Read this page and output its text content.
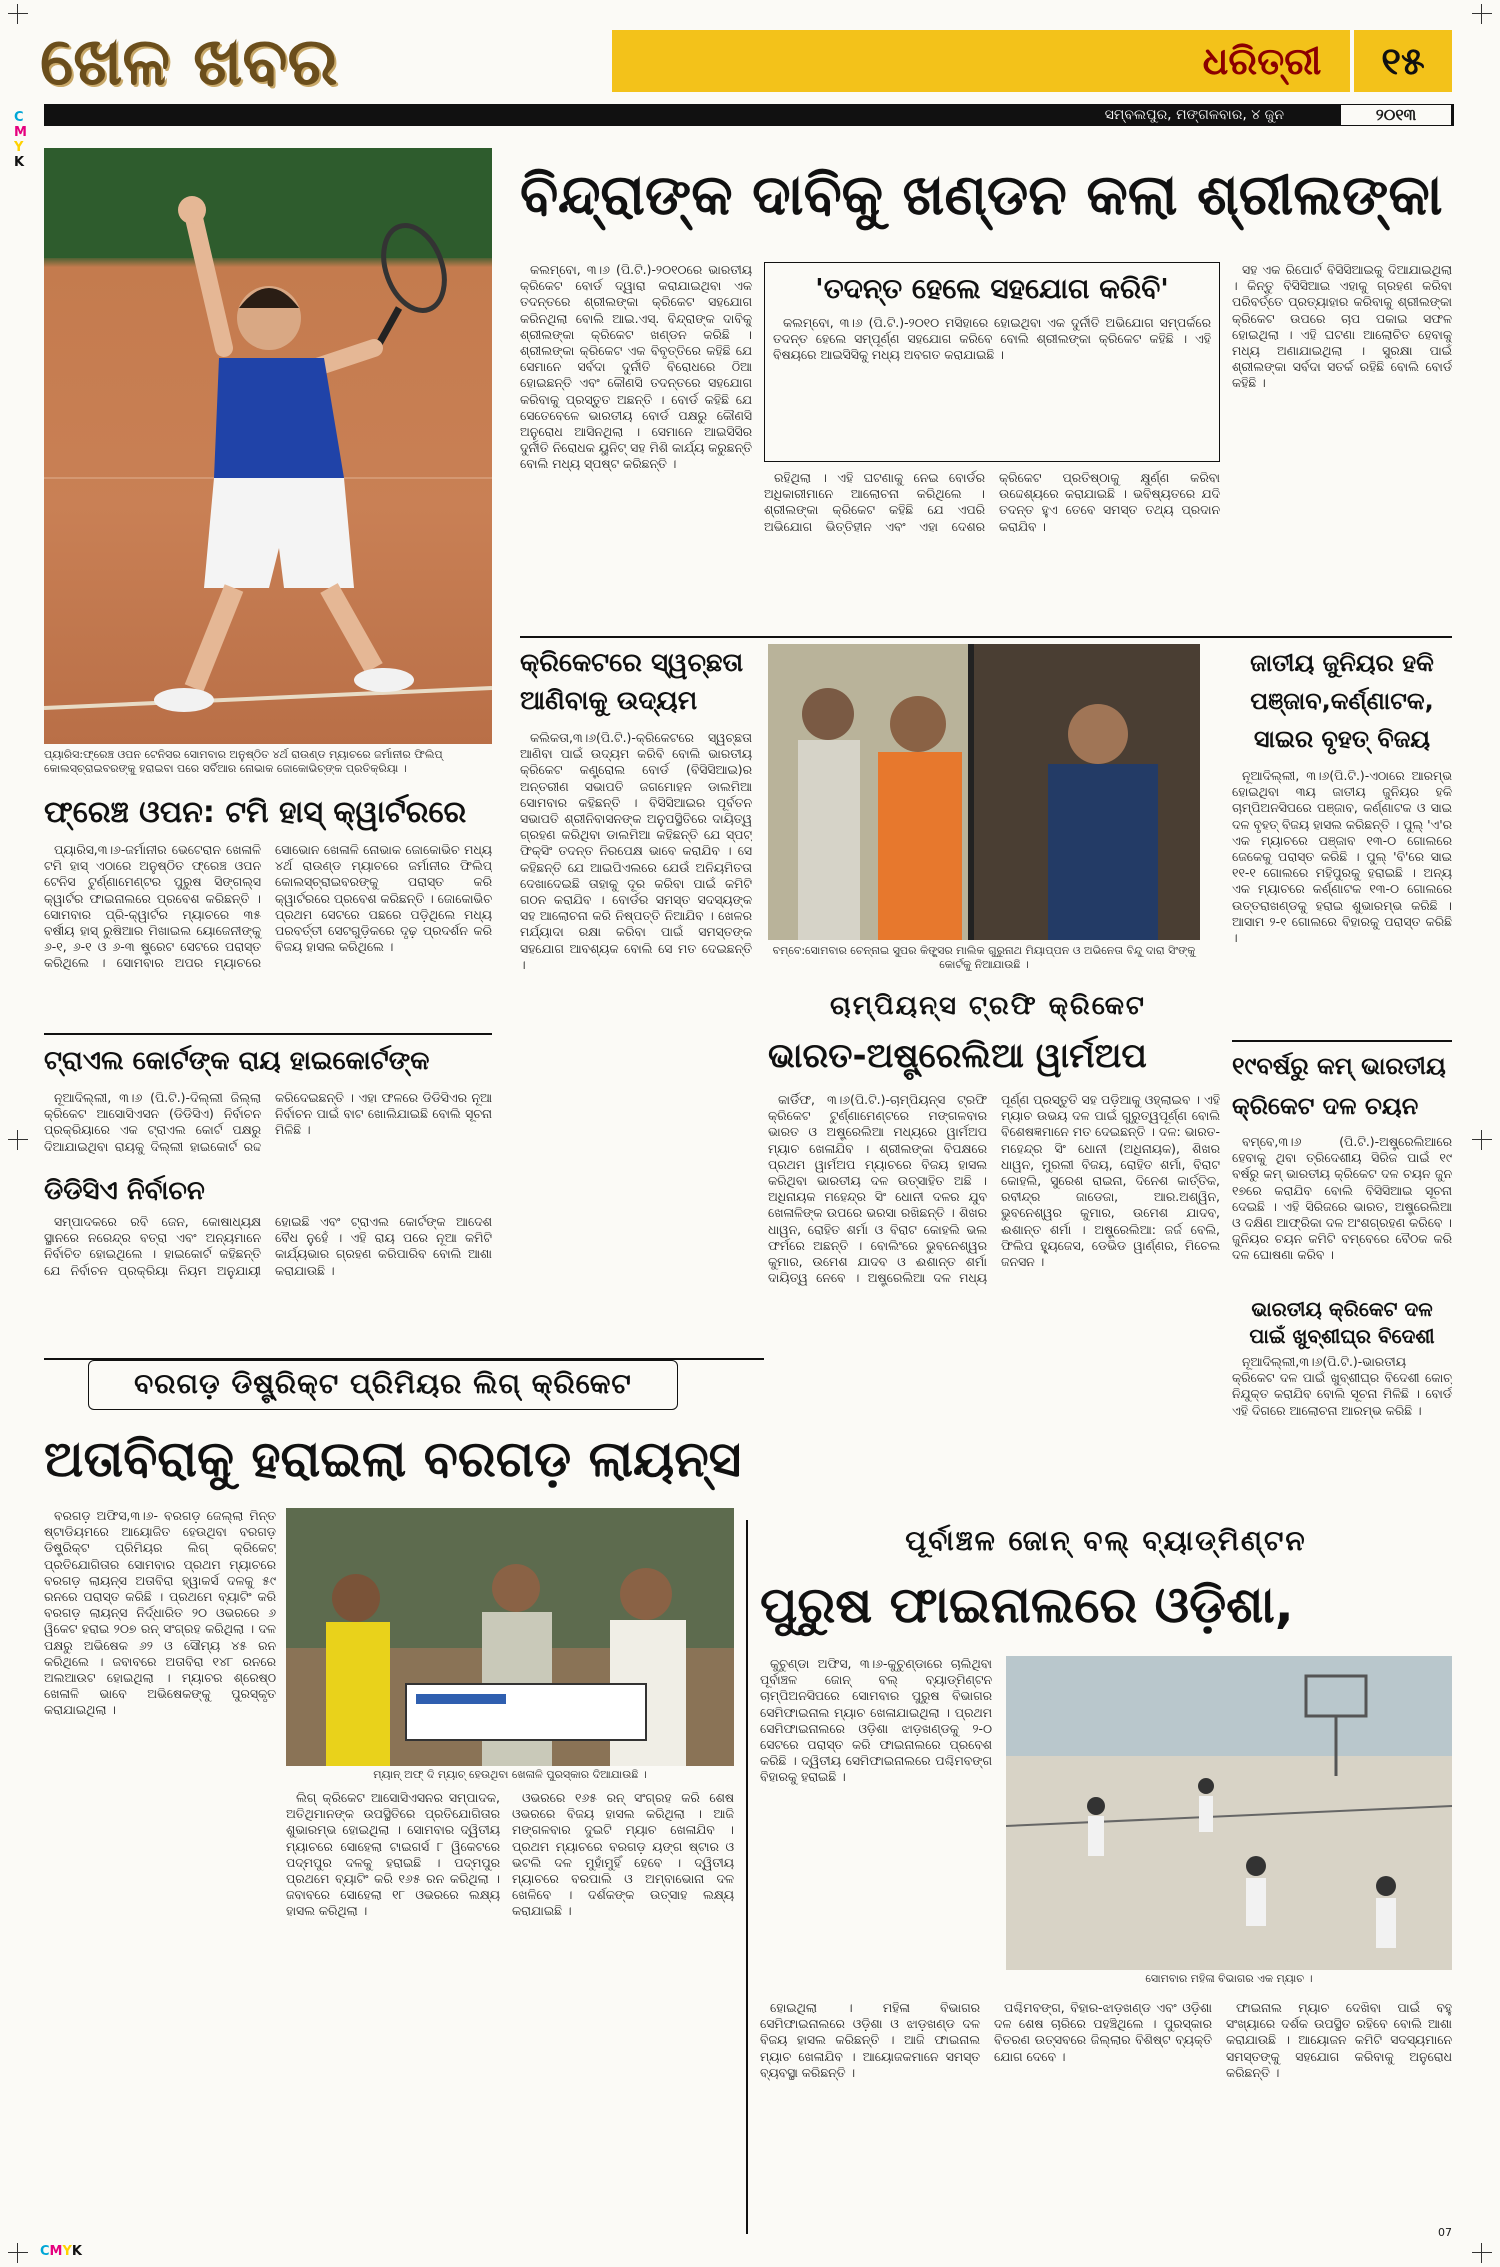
C
M
Y
K
ଖେଳ ଖବର	ଧରିତ୍ରୀ	୧୫
ସମ୍ବଲପୁର, ମଙ୍ଗଳବାର, ୪ ଜୁନ	୨୦୧୩
ପ୍ୟାରିସ:ଫ୍ରେଞ୍ଚ ଓପନ ଟେନିସର ସୋମବାର ଅନୁଷ୍ଠିତ ୪ର୍ଥ ରାଉଣ୍ଡ ମ୍ୟାଚରେ ଜର୍ମାନୀର ଫିଲିପ୍ କୋଲସ୍ଚ୍ରାଇବରଙ୍କୁ ହରାଇବା ପରେ ସର୍ବିଆର ନୋଭାକ ଜୋକୋଭିଚ୍‌ଙ୍କ ପ୍ରତିକ୍ରିୟା ।
ଫ୍ରେଞ୍ଚ ଓପନ: ଟମି ହାସ୍ କ୍ୱାର୍ଟରରେ

ପ୍ୟାରିସ,୩।୬-ଜର୍ମାନୀର ଭେଟେରାନ ଖେଳାଳି ଟମି ହାସ୍ ଏଠାରେ ଅନୁଷ୍ଠିତ ଫ୍ରେଞ୍ଚ ଓପନ ଟେନିସ ଟୁର୍ଣ୍ଣାମେଣ୍ଟର ପୁରୁଷ ସିଙ୍ଗଲ୍ସ କ୍ୱାର୍ଟର ଫାଇନାଲରେ ପ୍ରବେଶ କରିଛନ୍ତି । ସୋମବାର ପ୍ରି-କ୍ୱାର୍ଟର ମ୍ୟାଚରେ ୩୫ ବର୍ଷୀୟ ହାସ୍ ରୁଷିଆର ମିଖାଇଲ ୟୋଜେନୀଙ୍କୁ ୬-୧, ୬-୧ ଓ ୬-୩ ଷ୍ଟ୍ରେଟ ସେଟରେ ପରାସ୍ତ କରିଥିଲେ । ସୋମବାର ଅପର ମ୍ୟାଚରେ ସୋଭୋନ ଖେଳାଳି ନୋଭାକ ଜୋକୋଭିଚ ମଧ୍ୟ ୪ର୍ଥ ରାଉଣ୍ଡ ମ୍ୟାଚରେ ଜର୍ମାନୀର ଫିଲିପ୍ କୋଲସ୍ଚ୍ରାଇବରଙ୍କୁ ପରାସ୍ତ କରି କ୍ୱାର୍ଟରରେ ପ୍ରବେଶ କରିଛନ୍ତି । ଜୋକୋଭିଚ ପ୍ରଥମ ସେଟରେ ପଛରେ ପଡ଼ିଥିଲେ ମଧ୍ୟ ପରବର୍ତ୍ତୀ ସେଟଗୁଡ଼ିକରେ ଦୃଢ଼ ପ୍ରଦର୍ଶନ କରି ବିଜୟ ହାସଲ କରିଥିଲେ ।

ଟ୍ରାଏଲ କୋର୍ଟଙ୍କ ରାୟ ହାଇକୋର୍ଟଙ୍କ

ନୂଆଦିଲ୍ଲୀ, ୩।୬ (ପି.ଟି.)-ଦିଲ୍ଲୀ ଜିଲ୍ଲା କ୍ରିକେଟ ଆସୋସିଏସନ (ଡିଡିସିଏ) ନିର୍ବାଚନ ପ୍ରକ୍ରିୟାରେ ଏକ ଟ୍ରାଏଲ କୋର୍ଟ ପକ୍ଷରୁ ଦିଆଯାଇଥିବା ରାୟକୁ ଦିଲ୍ଲୀ ହାଇକୋର୍ଟ ରଦ୍ଦ କରିଦେଇଛନ୍ତି । ଏହା ଫଳରେ ଡିଡିସିଏର ନୂଆ ନିର୍ବାଚନ ପାଇଁ ବାଟ ଖୋଲିଯାଇଛି ବୋଲି ସୂଚନା ମିଳିଛି ।

ଡିଡିସିଏ ନିର୍ବାଚନ

ସମ୍ପାଦକରେ ରବି ଜେନ, କୋଷାଧ୍ୟକ୍ଷ ସ୍ଥାନରେ ନରେନ୍ଦ୍ର ବତ୍ରା ଏବଂ ଅନ୍ୟମାନେ ନିର୍ବାଚିତ ହୋଇଥିଲେ । ହାଇକୋର୍ଟ କହିଛନ୍ତି ଯେ ନିର୍ବାଚନ ପ୍ରକ୍ରିୟା ନିୟମ ଅନୁଯାୟୀ ହୋଇଛି ଏବଂ ଟ୍ରାଏଲ କୋର୍ଟଙ୍କ ଆଦେଶ ବୈଧ ନୁହେଁ । ଏହି ରାୟ ପରେ ନୂଆ କମିଟି କାର୍ଯ୍ୟଭାର ଗ୍ରହଣ କରିପାରିବ ବୋଲି ଆଶା କରାଯାଉଛି ।

ବିନ୍ଦ୍ରାଙ୍କ ଦାବିକୁ ଖଣ୍ଡନ କଲା ଶ୍ରୀଲଙ୍କା

କଲମ୍ବୋ, ୩।୬ (ପି.ଟି.)-୨୦୧୦ରେ ଭାରତୀୟ କ୍ରିକେଟ ବୋର୍ଡ ଦ୍ୱାରା କରାଯାଇଥିବା ଏକ ତଦନ୍ତରେ ଶ୍ରୀଲଙ୍କା କ୍ରିକେଟ ସହଯୋଗ କରିନଥିଲା ବୋଲି ଆଇ.ଏସ୍. ବିନ୍ଦ୍ରାଙ୍କ ଦାବିକୁ ଶ୍ରୀଲଙ୍କା କ୍ରିକେଟ ଖଣ୍ଡନ କରିଛି । ଶ୍ରୀଲଙ୍କା କ୍ରିକେଟ ଏକ ବିବୃତ୍ତିରେ କହିଛି ଯେ ସେମାନେ ସର୍ବଦା ଦୁର୍ନୀତି ବିରୋଧରେ ଠିଆ ହୋଇଛନ୍ତି ଏବଂ କୌଣସି ତଦନ୍ତରେ ସହଯୋଗ କରିବାକୁ ପ୍ରସ୍ତୁତ ଅଛନ୍ତି । ବୋର୍ଡ କହିଛି ଯେ ସେତେବେଳେ ଭାରତୀୟ ବୋର୍ଡ ପକ୍ଷରୁ କୌଣସି ଅନୁରୋଧ ଆସିନଥିଲା । ସେମାନେ ଆଇସିସିର ଦୁର୍ନୀତି ନିରୋଧକ ୟୁନିଟ୍ ସହ ମିଶି କାର୍ଯ୍ୟ କରୁଛନ୍ତି ବୋଲି ମଧ୍ୟ ସ୍ପଷ୍ଟ କରିଛନ୍ତି ।

'ତଦନ୍ତ ହେଲେ ସହଯୋଗ କରିବି'

କଲମ୍ବୋ, ୩।୬ (ପି.ଟି.)-୨୦୧୦ ମସିହାରେ ହୋଇଥିବା ଏକ ଦୁର୍ନୀତି ଅଭିଯୋଗ ସମ୍ପର୍କରେ ତଦନ୍ତ ହେଲେ ସମ୍ପୂର୍ଣ୍ଣ ସହଯୋଗ କରିବେ ବୋଲି ଶ୍ରୀଲଙ୍କା କ୍ରିକେଟ କହିଛି । ଏହି ବିଷୟରେ ଆଇସିସିକୁ ମଧ୍ୟ ଅବଗତ କରାଯାଇଛି ।

ରହିଥିଲା । ଏହି ଘଟଣାକୁ ନେଇ ବୋର୍ଡର ଅଧିକାରୀମାନେ ଆଲୋଚନା କରିଥିଲେ । ଶ୍ରୀଲଙ୍କା କ୍ରିକେଟ କହିଛି ଯେ ଏପରି ଅଭିଯୋଗ ଭିତ୍ତିହୀନ ଏବଂ ଏହା ଦେଶର କ୍ରିକେଟ ପ୍ରତିଷ୍ଠାକୁ କ୍ଷୁର୍ଣ୍ଣ କରିବା ଉଦ୍ଦେଶ୍ୟରେ କରାଯାଇଛି । ଭବିଷ୍ୟତରେ ଯଦି ତଦନ୍ତ ହୁଏ ତେବେ ସମସ୍ତ ତଥ୍ୟ ପ୍ରଦାନ କରାଯିବ ।

ସହ ଏକ ରିପୋର୍ଟ ବିସିସିଆଇକୁ ଦିଆଯାଇଥିଲା । କିନ୍ତୁ ବିସିସିଆଇ ଏହାକୁ ଗ୍ରହଣ କରିବା ପରିବର୍ତ୍ତେ ପ୍ରତ୍ୟାହାର କରିବାକୁ ଶ୍ରୀଲଙ୍କା କ୍ରିକେଟ ଉପରେ ଚାପ ପକାଇ ସଫଳ ହୋଇଥିଲା । ଏହି ଘଟଣା ଆଲୋଚିତ ହେବାକୁ ମଧ୍ୟ ଅଣାଯାଇଥିଲା । ସୁରକ୍ଷା ପାଇଁ ଶ୍ରୀଲଙ୍କା ସର୍ବଦା ସତର୍କ ରହିଛି ବୋଲି ବୋର୍ଡ କହିଛି ।

କ୍ରିକେଟରେ ସ୍ୱଚ୍ଛତା ଆଣିବାକୁ ଉଦ୍ୟମ

କଲିକତା,୩।୬(ପି.ଟି.)-କ୍ରିକେଟରେ ସ୍ୱଚ୍ଛତା ଆଣିବା ପାଇଁ ଉଦ୍ୟମ କରିବି ବୋଲି ଭାରତୀୟ କ୍ରିକେଟ କଣ୍ଟ୍ରୋଲ ବୋର୍ଡ (ବିସିସିଆଇ)ର ଅନ୍ତରୀଣ ସଭାପତି ଜଗମୋହନ ଡାଲମିଆ ସୋମବାର କହିଛନ୍ତି । ବିସିସିଆଇର ପୂର୍ବତନ ସଭାପତି ଶ୍ରୀନିବାସନଙ୍କ ଅନୁପସ୍ଥିତିରେ ଦାୟିତ୍ୱ ଗ୍ରହଣ କରିଥିବା ଡାଲମିଆ କହିଛନ୍ତି ଯେ ସ୍ପଟ୍ ଫିକ୍ସିଂ ତଦନ୍ତ ନିରପେକ୍ଷ ଭାବେ କରାଯିବ । ସେ କହିଛନ୍ତି ଯେ ଆଇପିଏଲରେ ଯେଉଁ ଅନିୟମିତତା ଦେଖାଦେଇଛି ତାହାକୁ ଦୂର କରିବା ପାଇଁ କମିଟି ଗଠନ କରାଯିବ । ବୋର୍ଡର ସମସ୍ତ ସଦସ୍ୟଙ୍କ ସହ ଆଲୋଚନା କରି ନିଷ୍ପତ୍ତି ନିଆଯିବ । ଖେଳର ମର୍ଯ୍ୟାଦା ରକ୍ଷା କରିବା ପାଇଁ ସମସ୍ତଙ୍କ ସହଯୋଗ ଆବଶ୍ୟକ ବୋଲି ସେ ମତ ଦେଇଛନ୍ତି ।

ବମ୍ବେ:ସୋମବାର ଚେନ୍ନାଇ ସୁପର କିଙ୍ଗ୍ସର ମାଲିକ ଗୁରୁନାଥ ମିୟାପ୍ପନ ଓ ଅଭିନେତା ବିନ୍ଦୁ ଦାରା ସିଂଙ୍କୁ କୋର୍ଟକୁ ନିଆଯାଉଛି ।
ଜାତୀୟ ଜୁନିୟର ହକି ପଞ୍ଜାବ,କର୍ଣ୍ଣାଟକ, ସାଇର ବୃହତ୍ ବିଜୟ

ନୂଆଦିଲ୍ଲୀ, ୩।୬(ପି.ଟି.)-ଏଠାରେ ଆରମ୍ଭ ହୋଇଥିବା ୩ୟ ଜାତୀୟ ଜୁନିୟର ହକି ଚାମ୍ପିଅନସିପରେ ପଞ୍ଜାବ, କର୍ଣ୍ଣାଟକ ଓ ସାଇ ଦଳ ବୃହତ୍ ବିଜୟ ହାସଲ କରିଛନ୍ତି । ପୁଲ୍ 'ଏ'ର ଏକ ମ୍ୟାଚରେ ପଞ୍ଜାବ ୧୩-୦ ଗୋଲରେ ଜେକେକୁ ପରାସ୍ତ କରିଛି । ପୁଲ୍ 'ବି'ରେ ସାଇ ୧୧-୧ ଗୋଲରେ ମହିପୁରକୁ ହରାଇଛି । ଅନ୍ୟ ଏକ ମ୍ୟାଚରେ କର୍ଣ୍ଣାଟକ ୧୩-୦ ଗୋଲରେ ଉତ୍ତରାଖଣ୍ଡକୁ ହରାଇ ଶୁଭାରମ୍ଭ କରିଛି । ଆସାମ ୨-୧ ଗୋଲରେ ବିହାରକୁ ପରାସ୍ତ କରିଛି ।

୧୯ବର୍ଷରୁ କମ୍ ଭାରତୀୟ କ୍ରିକେଟ ଦଳ ଚୟନ

ବମ୍ବେ,୩।୬ (ପି.ଟି.)-ଅଷ୍ଟ୍ରେଲିଆରେ ହେବାକୁ ଥିବା ତ୍ରିଦେଶୀୟ ସିରିଜ ପାଇଁ ୧୯ ବର୍ଷରୁ କମ୍ ଭାରତୀୟ କ୍ରିକେଟ ଦଳ ଚୟନ ଜୁନ ୧୭ରେ କରାଯିବ ବୋଲି ବିସିସିଆଇ ସୂଚନା ଦେଇଛି । ଏହି ସିରିଜରେ ଭାରତ, ଅଷ୍ଟ୍ରେଲିଆ ଓ ଦକ୍ଷିଣ ଆଫ୍ରିକା ଦଳ ଅଂଶଗ୍ରହଣ କରିବେ । ଜୁନିୟର ଚୟନ କମିଟି ବମ୍ବେରେ ବୈଠକ କରି ଦଳ ଘୋଷଣା କରିବ ।

ଭାରତୀୟ କ୍ରିକେଟ ଦଳ ପାଇଁ ଖୁବ୍‌ଶୀଘ୍ର ବିଦେଶୀ

ନୂଆଦିଲ୍ଲୀ,୩।୬(ପି.ଟି.)-ଭାରତୀୟ କ୍ରିକେଟ ଦଳ ପାଇଁ ଖୁବ୍‌ଶୀଘ୍ର ବିଦେଶୀ କୋଚ୍ ନିଯୁକ୍ତ କରାଯିବ ବୋଲି ସୂଚନା ମିଳିଛି । ବୋର୍ଡ ଏହି ଦିଗରେ ଆଲୋଚନା ଆରମ୍ଭ କରିଛି ।

ଚାମ୍ପିୟନ୍ସ ଟ୍ରଫି କ୍ରିକେଟ
ଭାରତ-ଅଷ୍ଟ୍ରେଲିଆ ୱାର୍ମଅପ

କାର୍ଡିଫ, ୩।୬(ପି.ଟି.)-ଚାମ୍ପିୟନ୍ସ ଟ୍ରଫି କ୍ରିକେଟ ଟୁର୍ଣ୍ଣାମେଣ୍ଟରେ ମଙ୍ଗଳବାର ଭାରତ ଓ ଅଷ୍ଟ୍ରେଲିଆ ମଧ୍ୟରେ ୱାର୍ମଅପ ମ୍ୟାଚ ଖେଳାଯିବ । ଶ୍ରୀଲଙ୍କା ବିପକ୍ଷରେ ପ୍ରଥମ ୱାର୍ମଅପ ମ୍ୟାଚରେ ବିଜୟ ହାସଲ କରିଥିବା ଭାରତୀୟ ଦଳ ଉତ୍ସାହିତ ଅଛି । ଅଧିନାୟକ ମହେନ୍ଦ୍ର ସିଂ ଧୋନୀ ଦଳର ଯୁବ ଖେଳାଳିଙ୍କ ଉପରେ ଭରସା ରଖିଛନ୍ତି । ଶିଖର ଧାୱନ, ରୋହିତ ଶର୍ମା ଓ ବିରାଟ କୋହଲି ଭଲ ଫର୍ମରେ ଅଛନ୍ତି । ବୋଲିଂରେ ଭୁବନେଶ୍ୱର କୁମାର, ଉମେଶ ଯାଦବ ଓ ଈଶାନ୍ତ ଶର୍ମା ଦାୟିତ୍ୱ ନେବେ । ଅଷ୍ଟ୍ରେଲିଆ ଦଳ ମଧ୍ୟ ପୂର୍ଣ୍ଣ ପ୍ରସ୍ତୁତି ସହ ପଡ଼ିଆକୁ ଓହ୍ଲାଇବ । ଏହି ମ୍ୟାଚ ଉଭୟ ଦଳ ପାଇଁ ଗୁରୁତ୍ୱପୂର୍ଣ୍ଣ ବୋଲି ବିଶେଷଜ୍ଞମାନେ ମତ ଦେଇଛନ୍ତି । ଦଳ: ଭାରତ-ମହେନ୍ଦ୍ର ସିଂ ଧୋନୀ (ଅଧିନାୟକ), ଶିଖର ଧାୱନ, ମୁରଲୀ ବିଜୟ, ରୋହିତ ଶର୍ମା, ବିରାଟ କୋହଲି, ସୁରେଶ ରାଇନା, ଦିନେଶ କାର୍ତ୍ତିକ, ରବୀନ୍ଦ୍ର ଜାଡେଜା, ଆର.ଅଶ୍ୱିନ, ଭୁବନେଶ୍ୱର କୁମାର, ଉମେଶ ଯାଦବ, ଈଶାନ୍ତ ଶର୍ମା । ଅଷ୍ଟ୍ରେଲିଆ: ଜର୍ଜ ବେଲି, ଫିଲିପ ହ୍ୟୁଜେସ, ଡେଭିଡ ୱାର୍ଣ୍ଣର, ମିଚେଲ ଜନସନ ।

ବରଗଡ଼ ଡିଷ୍ଟ୍ରିକ୍ଟ ପ୍ରିମିୟର ଲିଗ୍ କ୍ରିକେଟ
ଅତାବିରାକୁ ହରାଇଲା ବରଗଡ଼ ଲାୟନ୍ସ

ବରଗଡ଼ ଅଫିସ,୩।୬- ବରଗଡ଼ ଜେଲ୍ଲା ମିନ୍ତ ଷ୍ଟାଡିୟମରେ ଆୟୋଜିତ ହେଉଥିବା ବରଗଡ଼ ଡିଷ୍ଟ୍ରିକ୍ଟ ପ୍ରିମିୟର ଲିଗ୍ କ୍ରିକେଟ୍ ପ୍ରତିଯୋଗିତାର ସୋମବାର ପ୍ରଥମ ମ୍ୟାଚରେ ବରଗଡ଼ ଲାୟନ୍ସ ଅତାବିରା ହ୍ୱାକର୍ସ ଦଳକୁ ୫୯ ରନରେ ପରାସ୍ତ କରିଛି । ପ୍ରଥମେ ବ୍ୟାଟିଂ କରି ବରଗଡ଼ ଲାୟନ୍ସ ନିର୍ଦ୍ଧାରିତ ୨୦ ଓଭରରେ ୬ ୱିକେଟ ହରାଇ ୨୦୭ ରନ୍ ସଂଗ୍ରହ କରିଥିଲା । ଦଳ ପକ୍ଷରୁ ଅଭିଷେକ ୬୨ ଓ ସୌମ୍ୟ ୪୫ ରନ କରିଥିଲେ । ଜବାବରେ ଅତାବିରା ୧୪୮ ରନରେ ଅଲଆଉଟ ହୋଇଥିଲା । ମ୍ୟାଚର ଶ୍ରେଷ୍ଠ ଖେଳାଳି ଭାବେ ଅଭିଷେକଙ୍କୁ ପୁରସ୍କୃତ କରାଯାଇଥିଲା ।

ମ୍ୟାନ୍ ଅଫ୍ ଦି ମ୍ୟାଚ୍ ହେଉଥିବା ଖେଳାଳି ପୁରସ୍କାର ଦିଆଯାଉଛି ।

ଲିଗ୍ କ୍ରିକେଟ ଆସୋସିଏସନର ସମ୍ପାଦକ, ଅତିଥିମାନଙ୍କ ଉପସ୍ଥିତିରେ ପ୍ରତିଯୋଗିତାର ଶୁଭାରମ୍ଭ ହୋଇଥିଲା । ସୋମବାର ଦ୍ୱିତୀୟ ମ୍ୟାଚରେ ସୋହେଲା ଟାଇଗର୍ସ ୮ ୱିକେଟରେ ପଦ୍ମପୁର ଦଳକୁ ହରାଇଛି । ପଦ୍ମପୁର ପ୍ରଥମେ ବ୍ୟାଟିଂ କରି ୧୬୫ ରନ କରିଥିଲା । ଜବାବରେ ସୋହେଲା ୧୮ ଓଭରରେ ଲକ୍ଷ୍ୟ ହାସଲ କରିଥିଲା ।

ଓଭରରେ ୧୬୫ ରନ୍ ସଂଗ୍ରହ କରି ଶେଷ ଓଭରରେ ବିଜୟ ହାସଲ କରିଥିଲା । ଆଜି ମଙ୍ଗଳବାର ଦୁଇଟି ମ୍ୟାଚ ଖେଳାଯିବ । ପ୍ରଥମ ମ୍ୟାଚରେ ବରଗଡ଼ ୟଙ୍ଗ ଷ୍ଟାର ଓ ଭଟଲି ଦଳ ମୁହାଁମୁହିଁ ହେବେ । ଦ୍ୱିତୀୟ ମ୍ୟାଚରେ ବରପାଲି ଓ ଅମ୍ବାଭୋନା ଦଳ ଖେଳିବେ । ଦର୍ଶକଙ୍କ ଉତ୍ସାହ ଲକ୍ଷ୍ୟ କରାଯାଇଛି ।

ପୂର୍ବାଞ୍ଚଳ ଜୋନ୍ ବଲ୍ ବ୍ୟାଡ୍‌ମିଣ୍ଟନ
ପୁରୁଷ ଫାଇନାଲରେ ଓଡ଼ିଶା,

କୁଚୁଣ୍ଡା ଅଫିସ, ୩।୬-କୁଚୁଣ୍ଡାରେ ଚାଲିଥିବା ପୂର୍ବାଞ୍ଚଳ ଜୋନ୍ ବଲ୍ ବ୍ୟାଡ୍‌ମିଣ୍ଟନ ଚାମ୍ପିଅନସିପରେ ସୋମବାର ପୁରୁଷ ବିଭାଗର ସେମିଫାଇନାଲ ମ୍ୟାଚ ଖେଳାଯାଇଥିଲା । ପ୍ରଥମ ସେମିଫାଇନାଲରେ ଓଡ଼ିଶା ଝାଡ଼ଖଣ୍ଡକୁ ୨-୦ ସେଟରେ ପରାସ୍ତ କରି ଫାଇନାଲରେ ପ୍ରବେଶ କରିଛି । ଦ୍ୱିତୀୟ ସେମିଫାଇନାଲରେ ପଶ୍ଚିମବଙ୍ଗ ବିହାରକୁ ହରାଇଛି ।

ସୋମବାର ମହିଳା ବିଭାଗର ଏକ ମ୍ୟାଚ ।

ହୋଇଥିଲା । ମହିଳା ବିଭାଗର ସେମିଫାଇନାଲରେ ଓଡ଼ିଶା ଓ ଝାଡ଼ଖଣ୍ଡ ଦଳ ବିଜୟ ହାସଲ କରିଛନ୍ତି । ଆଜି ଫାଇନାଲ ମ୍ୟାଚ ଖେଳାଯିବ । ଆୟୋଜକମାନେ ସମସ୍ତ ବ୍ୟବସ୍ଥା କରିଛନ୍ତି ।

ପଶ୍ଚିମବଙ୍ଗ, ବିହାର-ଝାଡ଼ଖଣ୍ଡ ଏବଂ ଓଡ଼ିଶା ଦଳ ଶେଷ ଚାରିରେ ପହଞ୍ଚିଥିଲେ । ପୁରସ୍କାର ବିତରଣ ଉତ୍ସବରେ ଜିଲ୍ଲାର ବିଶିଷ୍ଟ ବ୍ୟକ୍ତି ଯୋଗ ଦେବେ ।

ଫାଇନାଲ ମ୍ୟାଚ ଦେଖିବା ପାଇଁ ବହୁ ସଂଖ୍ୟାରେ ଦର୍ଶକ ଉପସ୍ଥିତ ରହିବେ ବୋଲି ଆଶା କରାଯାଉଛି । ଆୟୋଜନ କମିଟି ସଦସ୍ୟମାନେ ସମସ୍ତଙ୍କୁ ସହଯୋଗ କରିବାକୁ ଅନୁରୋଧ କରିଛନ୍ତି ।

CMYK
07
